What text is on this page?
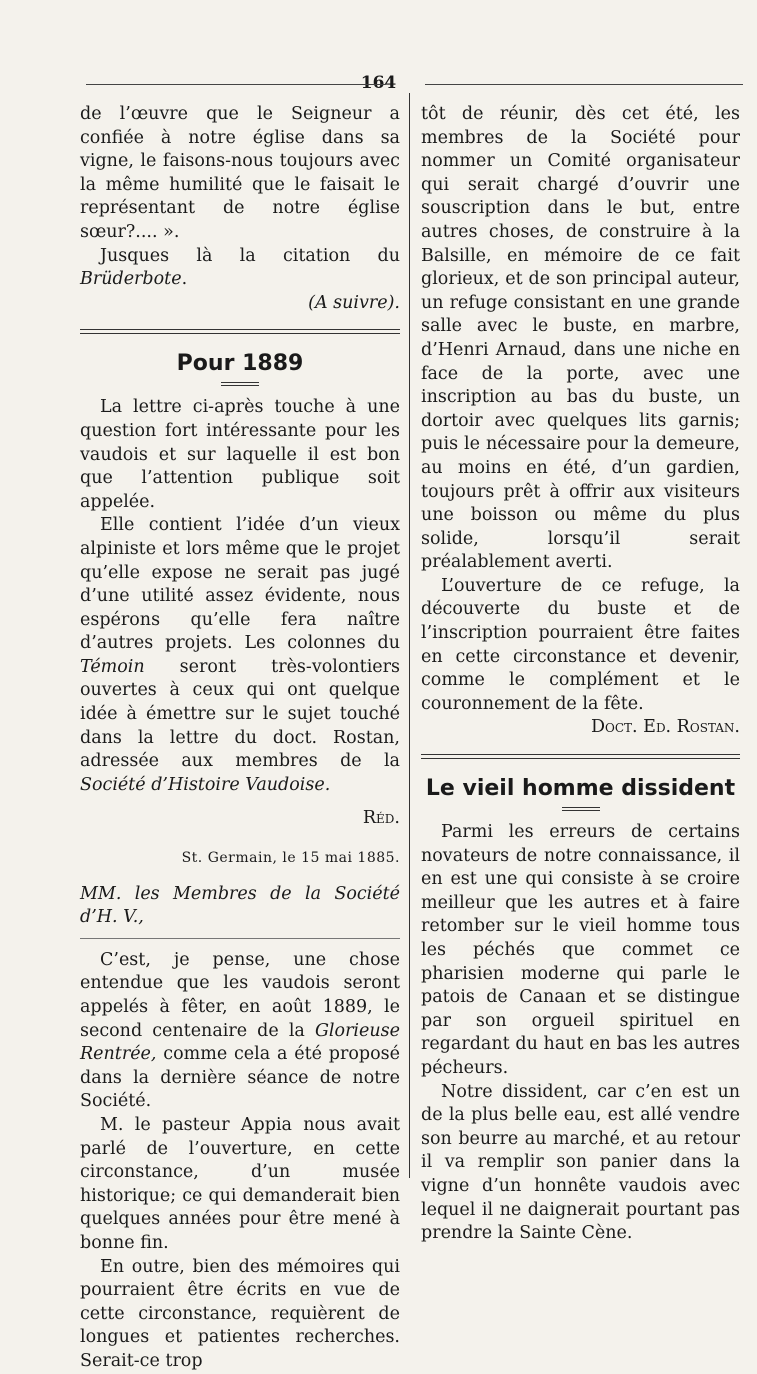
164

de l’œuvre que le Seigneur a confiée à notre église dans sa vigne, le faisons-nous toujours avec la même humilité que le faisait le représentant de notre église sœur?.... ».

Jusques là la citation du Brüderbote.

(A suivre).

Pour 1889

La lettre ci-après touche à une question fort intéressante pour les vaudois et sur laquelle il est bon que l’attention publique soit appelée.

Elle contient l’idée d’un vieux alpiniste et lors même que le projet qu’elle expose ne serait pas jugé d’une utilité assez évidente, nous espérons qu’elle fera naître d’autres projets. Les colonnes du Témoin seront très-volontiers ouvertes à ceux qui ont quelque idée à émettre sur le sujet touché dans la lettre du doct. Rostan, adressée aux membres de la Société d’Histoire Vaudoise.

Réd.

St. Germain, le 15 mai 1885.

MM. les Membres de la Société d’H. V.,

C’est, je pense, une chose entendue que les vaudois seront appelés à fêter, en août 1889, le second centenaire de la Glorieuse Rentrée, comme cela a été proposé dans la dernière séance de notre Société.

M. le pasteur Appia nous avait parlé de l’ouverture, en cette circonstance, d’un musée historique; ce qui demanderait bien quelques années pour être mené à bonne fin.

En outre, bien des mémoires qui pourraient être écrits en vue de cette circonstance, requièrent de longues et patientes recherches. Serait-ce trop

tôt de réunir, dès cet été, les membres de la Société pour nommer un Comité organisateur qui serait chargé d’ouvrir une souscription dans le but, entre autres choses, de construire à la Balsille, en mémoire de ce fait glorieux, et de son principal auteur, un refuge consistant en une grande salle avec le buste, en marbre, d’Henri Arnaud, dans une niche en face de la porte, avec une inscription au bas du buste, un dortoir avec quelques lits garnis; puis le nécessaire pour la demeure, au moins en été, d’un gardien, toujours prêt à offrir aux visiteurs une boisson ou même du plus solide, lorsqu’il serait préalablement averti.

L’ouverture de ce refuge, la découverte du buste et de l’inscription pourraient être faites en cette circonstance et devenir, comme le complément et le couronnement de la fête.

Doct. Ed. Rostan.

Le vieil homme dissident

Parmi les erreurs de certains novateurs de notre connaissance, il en est une qui consiste à se croire meilleur que les autres et à faire retomber sur le vieil homme tous les péchés que commet ce pharisien moderne qui parle le patois de Canaan et se distingue par son orgueil spirituel en regardant du haut en bas les autres pécheurs.

Notre dissident, car c’en est un de la plus belle eau, est allé vendre son beurre au marché, et au retour il va remplir son panier dans la vigne d’un honnête vaudois avec lequel il ne daignerait pourtant pas prendre la Sainte Cène.
